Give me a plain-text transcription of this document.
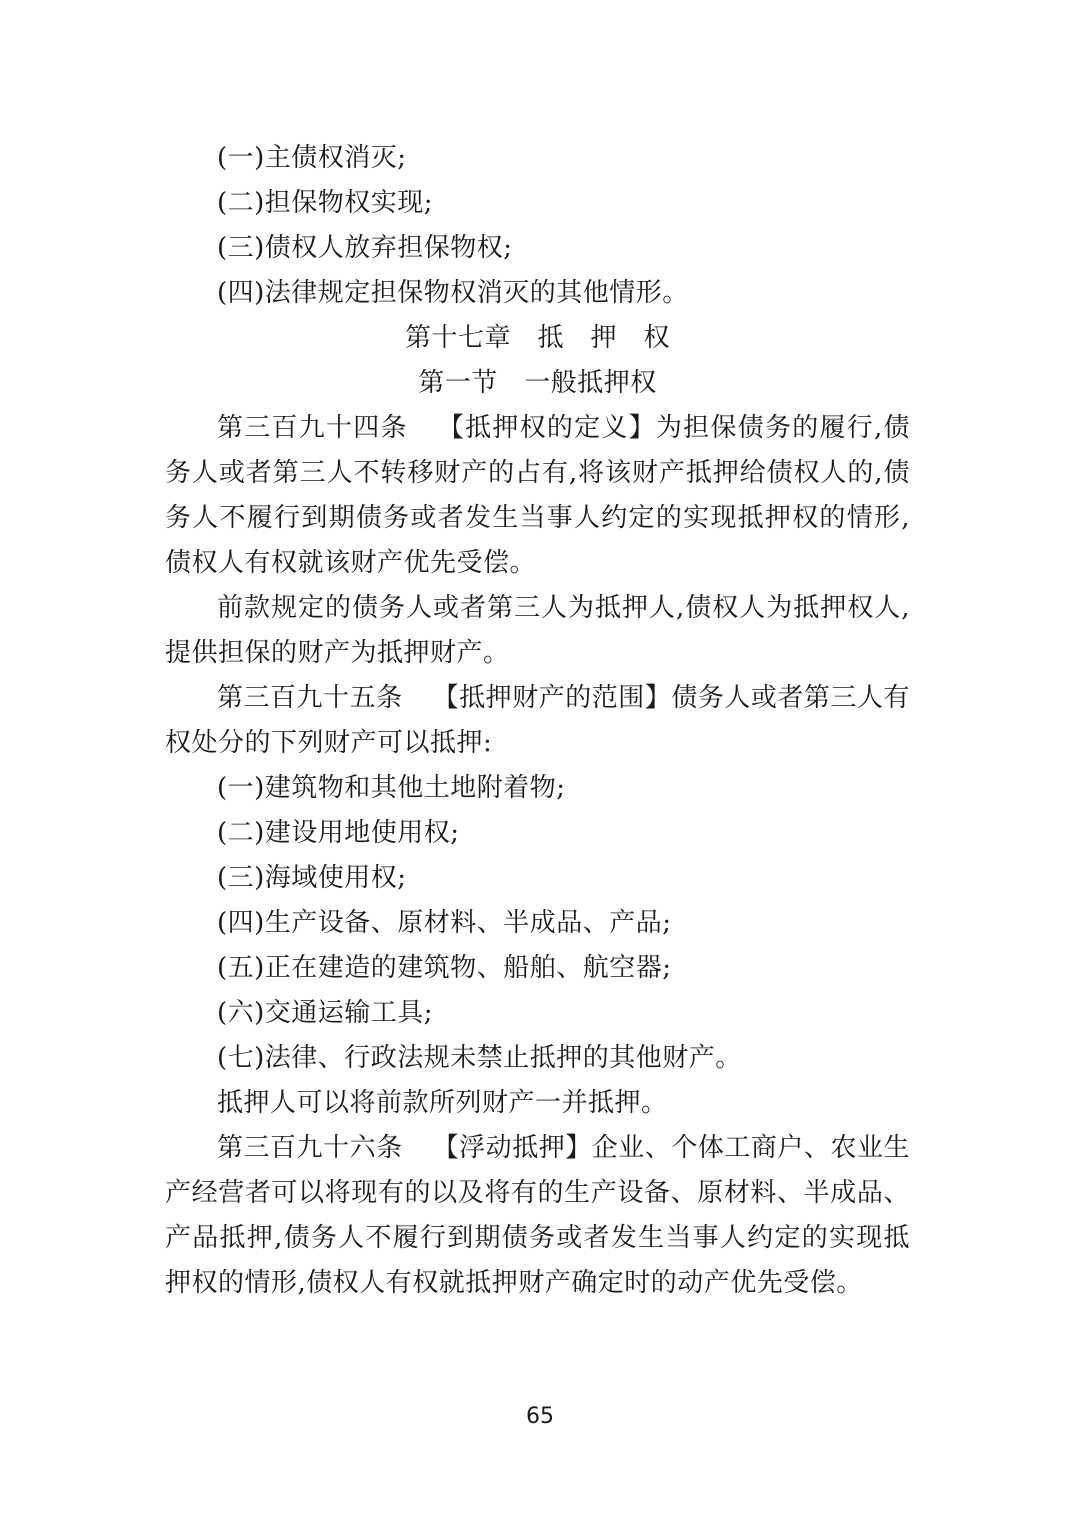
(一)主债权消灭;
(二)担保物权实现;
(三)债权人放弃担保物权;
(四)法律规定担保物权消灭的其他情形。
第十七章　抵　押　权
第一节　一般抵押权

第三百九十四条 【抵押权的定义】为担保债务的履行,债务人或者第三人不转移财产的占有,将该财产抵押给债权人的,债务人不履行到期债务或者发生当事人约定的实现抵押权的情形,债权人有权就该财产优先受偿。

前款规定的债务人或者第三人为抵押人,债权人为抵押权人,提供担保的财产为抵押财产。

第三百九十五条 【抵押财产的范围】债务人或者第三人有权处分的下列财产可以抵押:

(一)建筑物和其他土地附着物;
(二)建设用地使用权;
(三)海域使用权;
(四)生产设备、原材料、半成品、产品;
(五)正在建造的建筑物、船舶、航空器;
(六)交通运输工具;
(七)法律、行政法规未禁止抵押的其他财产。
抵押人可以将前款所列财产一并抵押。

第三百九十六条 【浮动抵押】企业、个体工商户、农业生产经营者可以将现有的以及将有的生产设备、原材料、半成品、产品抵押,债务人不履行到期债务或者发生当事人约定的实现抵押权的情形,债权人有权就抵押财产确定时的动产优先受偿。

65
